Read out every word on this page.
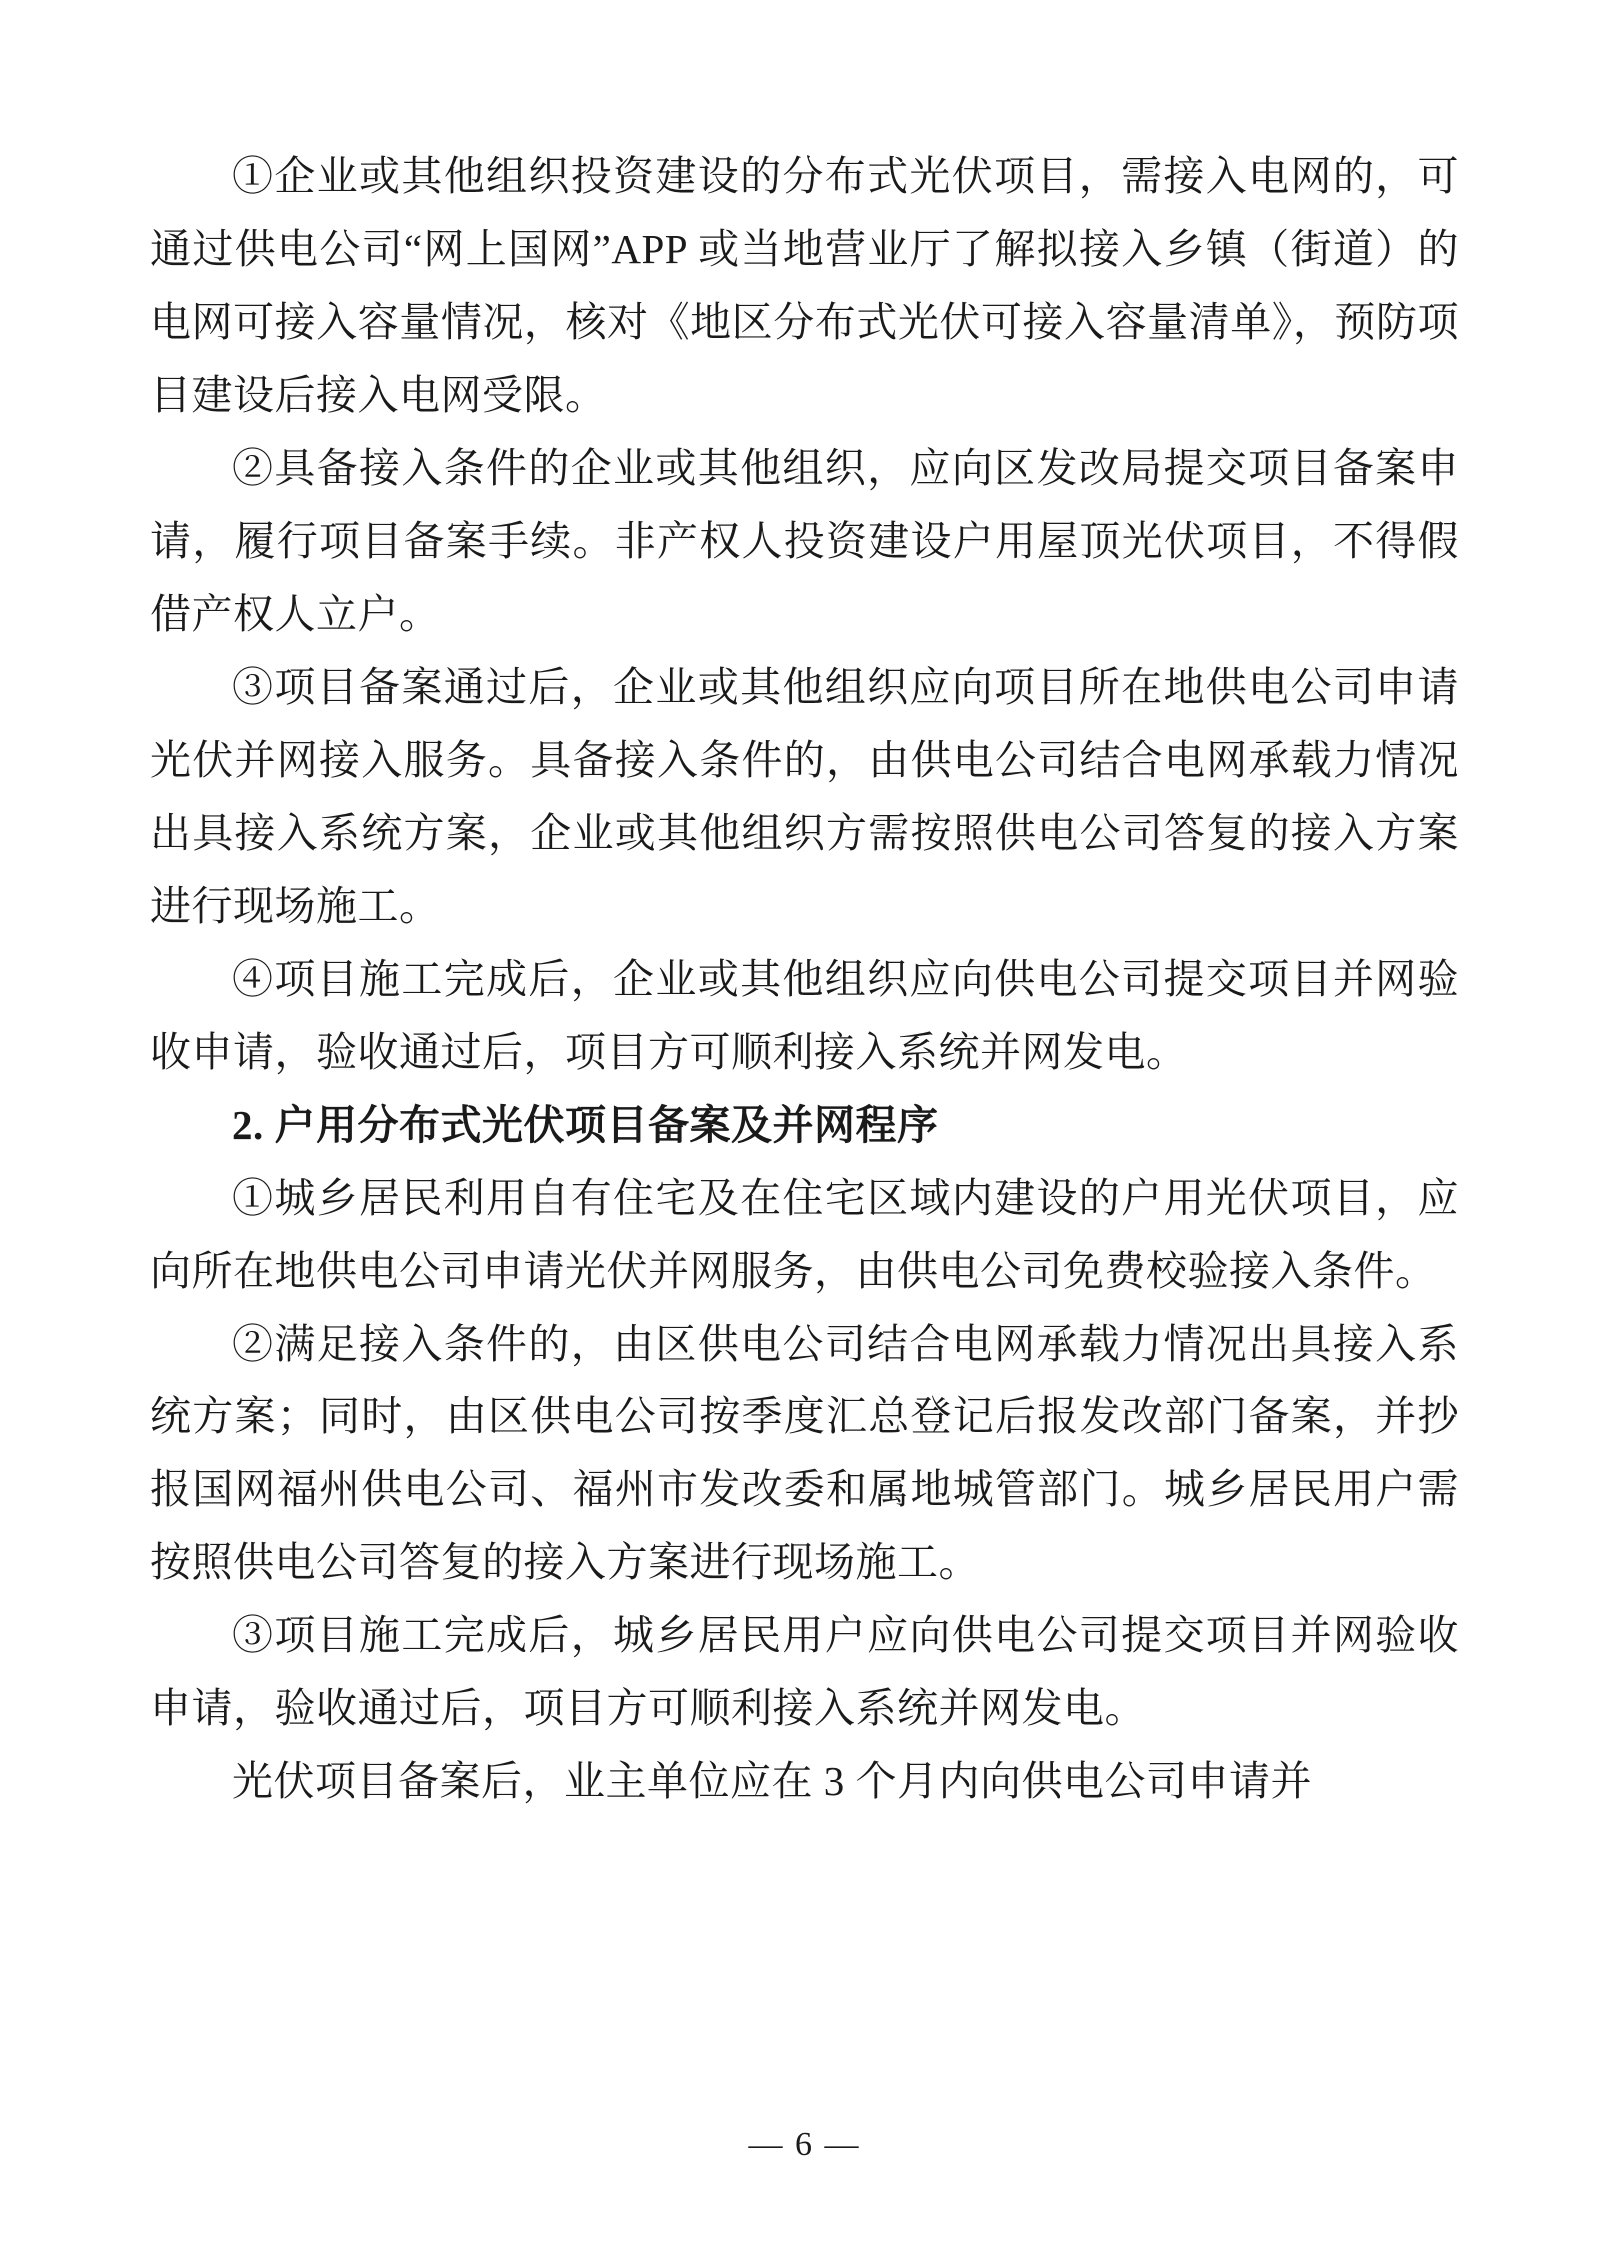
①企业或其他组织投资建设的分布式光伏项目，需接入电网的，可通过供电公司“网上国网”APP 或当地营业厅了解拟接入乡镇（街道）的电网可接入容量情况，核对《地区分布式光伏可接入容量清单》，预防项目建设后接入电网受限。

②具备接入条件的企业或其他组织，应向区发改局提交项目备案申请，履行项目备案手续。非产权人投资建设户用屋顶光伏项目，不得假借产权人立户。

③项目备案通过后，企业或其他组织应向项目所在地供电公司申请光伏并网接入服务。具备接入条件的，由供电公司结合电网承载力情况出具接入系统方案，企业或其他组织方需按照供电公司答复的接入方案进行现场施工。

④项目施工完成后，企业或其他组织应向供电公司提交项目并网验收申请，验收通过后，项目方可顺利接入系统并网发电。

2. 户用分布式光伏项目备案及并网程序

①城乡居民利用自有住宅及在住宅区域内建设的户用光伏项目，应向所在地供电公司申请光伏并网服务，由供电公司免费校验接入条件。

②满足接入条件的，由区供电公司结合电网承载力情况出具接入系统方案；同时，由区供电公司按季度汇总登记后报发改部门备案，并抄报国网福州供电公司、福州市发改委和属地城管部门。城乡居民用户需按照供电公司答复的接入方案进行现场施工。

③项目施工完成后，城乡居民用户应向供电公司提交项目并网验收申请，验收通过后，项目方可顺利接入系统并网发电。

光伏项目备案后，业主单位应在 3 个月内向供电公司申请并

— 6 —
